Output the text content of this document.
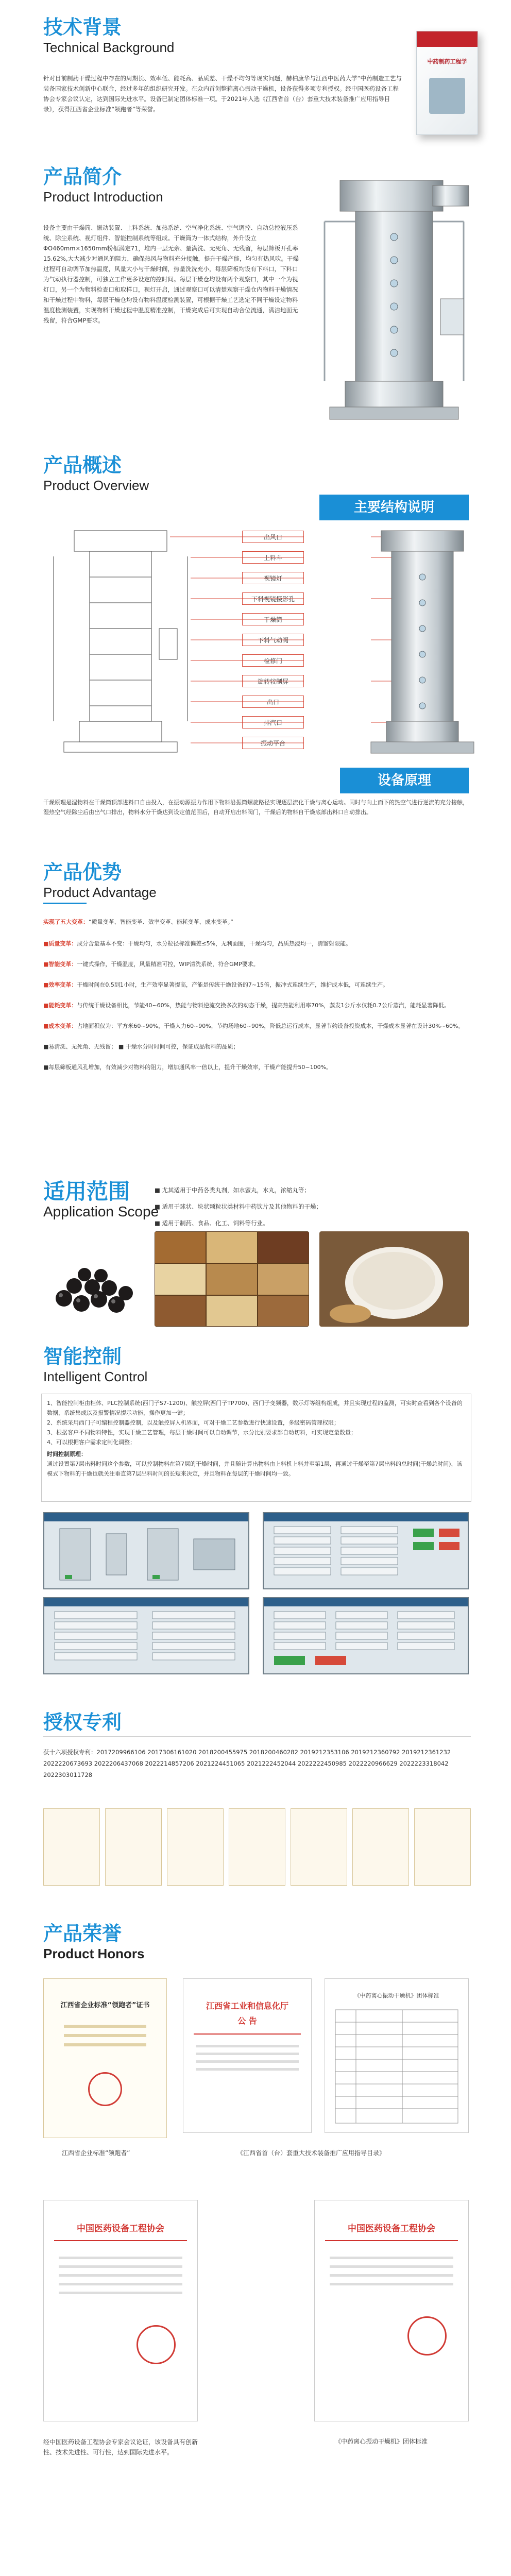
技术背景

Technical Background

针对目前制药干燥过程中存在的周期长、效率低、能耗高、品质差、干燥不均匀等现实问题，赫柏康华与江西中医药大学“中药制造工艺与装备国家技术创新中心联合，经过多年的组织研究开发。在众内首创整箱离心振动干燥机，设备获得多项专利授权。经中国医药设备工程协会专家会议认定，达到国际先进水平。设备已制定团体标准一项。于2021年入选《江西省首（台）套重大技术装备推广应用指导目录》，获得江西省企业标准“领跑者”等荣誉。

中药制药工程学
产品简介

Product Introduction

设备主要由干燥筒、振动装置、上料系统、加热系统、空气净化系统、空气调控、自动总控液压系统、除尘系统、视灯组件、智能控制系统等组成。干燥筒为一体式结构，外升设立ΦO460mm×1650mm粉框满定71，堆内一层无余、量满洗、无死角、无残留，每层筛板开孔率15.62%,大大减少对通风的阻力，确保热风与物料充分接触，提升干燥产能，均匀有热风吹。干燥过程可自动调节加热温度，风量大小与干燥时间，热量洗洗充小，每层筛板均设有下料口，下料口为气动执行器控制，可独立工作更多设定的控时间。每层干燥仓均设有两个观察口，其中一个为视灯口，另一个为物料检查口和取样口，视灯开启，通过观察口可以清楚观察干燥仓内物料干燥情况和干燥过程中物料，每层干燥仓均设有物料温度检测装置，可根据干燥工艺选定不同干燥设定物料温度检测装置，实现物料干燥过程中温度精准控制，干燥完成后可实现自动合位流通，满洁地面无残留，符合GMP要求。

产品概述

Product Overview

主要结构说明
出风口
上料斗
视镜灯
下料视镜摄影孔
干燥筒
下料气动阀
检修门
旋转较制屏
出口
排汽口
振动平台
设备原理

干燥原理是湿物料在干燥筒顶部进料口自由投入，在振动源振力作用下物料沿振筒螺旋路径实现逐层流化干燥与离心运动。同时与向上而下的热空气进行逆流的充分接触，湿热空气经除尘后由出气口排出，物料水分干燥达到设定值范围后，自动开启出料阀门，干燥后的物料自干燥底部出料口自动排出。

产品优势

Product Advantage

实现了五大变革：“质量变革、智能变革、效率变革、能耗变革、成本变革。”

■质量变革：成分含量基本不变：干燥均匀，水分粒径标准偏差≤5%，无利面圈，干燥均匀，品质热浸均一，清馏射限能。

■智能变革：一键式操作，干燥温度，风量精准可控，WIP清洗系统，符合GMP要求。

■效率变革：干燥时间在0.5到1小时，生产效率显著提高，产能是传统干燥设备的7~15倍，振冲式连续生产，维护成本低，可连续生产。

■能耗变革：与传统干燥设备相比，节能40~60%，热能与物料逆流交换多次的动态干燥，提高热能利用率70%，蒸发1公斤水仅耗0.7公斤蒸汽，能耗显著降低。

■成本变革：占地面积仅为：平方米60~90%，干燥人力60~90%，节约场地60~90%，降低总运行成本，显著节约设备投资成本，干燥成本显著在设计30%~60%。

■易清洗、无死角、无残留； ■ 干燥水分时时间可控，保证成品物料的品质；

■每层筛板通风孔增加，有效减少对物料的阻力，增加通风率一倍以上，提升干燥效率，干燥产能提升50~100%。

适用范围

Application Scope

■ 尤其适用于中药各类丸剂，如水蜜丸，水丸，浓缩丸等；

■ 适用于球状、块状颗粒状类材料中药饮片及其他物料的干燥；

■ 适用于制药、食品、化工、饲料等行业。

智能控制

Intelligent Control

1、智能控制柜由柜体、PLC控制系统(西门子S7-1200)、触控屏(西门子TP700)、西门子变频器，数示灯等组构组成，并且实现过程的监测，可实时查看到各个设备的数据，系统集成以及报警情况提示功能，操作更加一键；

2、系统采用西门子可编程控制器控制，以及触控屏人机界面，可对干燥工艺参数进行快速设置，多级密码管理权限；

3、根据客户不同物料特性，实现干燥工艺管理，每层干燥时间可以自动调节，水分比别要求部自动切料，可实现定量数量；

4、可以根据客户需求定制化调整；

时间控制原理：

通过设置第7层出料时间这个参数，可以控制物料在第7层的干燥时间，并且随计算出物料由上料机上料并至第1层，再通过干燥至第7层出料的总时间(干燥总时间)，该模式下物料的干燥也就关注垂直第7层出料时间的长短来决定，并且物料在每层的干燥时间均一致。

授权专利

获十六项授权专利：2017209966106 2017306161020 2018200455975 2018200460282 2019212353106 2019212360792 2019212361232 2022220673693 2022206437068 2022214857206 2021224451065 2021222452044 2022222450985 2022220966629 2022223318042 2022303011728

产品荣誉

Product Honors

江西省企业标准“领跑者”证书
江西省企业标准“领跑者”
江西省工业和信息化厅
公 告
《中药离心振动干燥机》团体标准
《江西省首（台）套重大技术装备推广应用指导目录》
中国医药设备工程协会	中国医药设备工程协会
经中国医药设备工程协会专家会议论证，该设备具有创新性、技术先进性、可行性，达到国际先进水平。
《中药离心振动干燥机》团体标准
